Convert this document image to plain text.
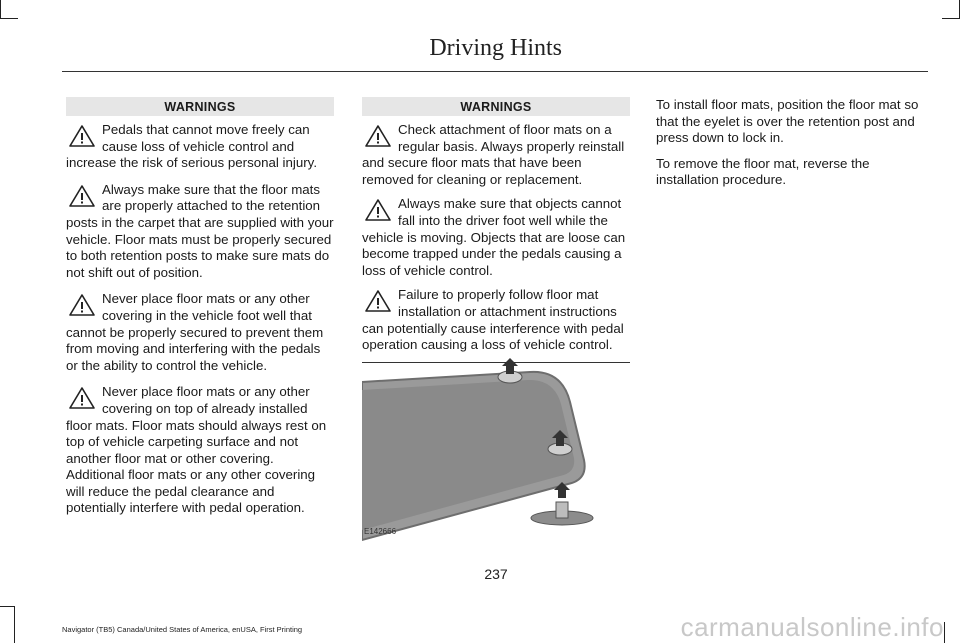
Driving Hints
WARNINGS
Pedals that cannot move freely can cause loss of vehicle control and increase the risk of serious personal injury.
Always make sure that the floor mats are properly attached to the retention posts in the carpet that are supplied with your vehicle. Floor mats must be properly secured to both retention posts to make sure mats do not shift out of position.
Never place floor mats or any other covering in the vehicle foot well that cannot be properly secured to prevent them from moving and interfering with the pedals or the ability to control the vehicle.
Never place floor mats or any other covering on top of already installed floor mats. Floor mats should always rest on top of vehicle carpeting surface and not another floor mat or other covering. Additional floor mats or any other covering will reduce the pedal clearance and potentially interfere with pedal operation.
WARNINGS
Check attachment of floor mats on a regular basis. Always properly reinstall and secure floor mats that have been removed for cleaning or replacement.
Always make sure that objects cannot fall into the driver foot well while the vehicle is moving. Objects that are loose can become trapped under the pedals causing a loss of vehicle control.
Failure to properly follow floor mat installation or attachment instructions can potentially cause interference with pedal operation causing a loss of vehicle control.
E142666

To install floor mats, position the floor mat so that the eyelet is over the retention post and press down to lock in.

To remove the floor mat, reverse the installation procedure.

237
Navigator (TB5) Canada/United States of America, enUSA, First Printing	carmanualsonline.info
